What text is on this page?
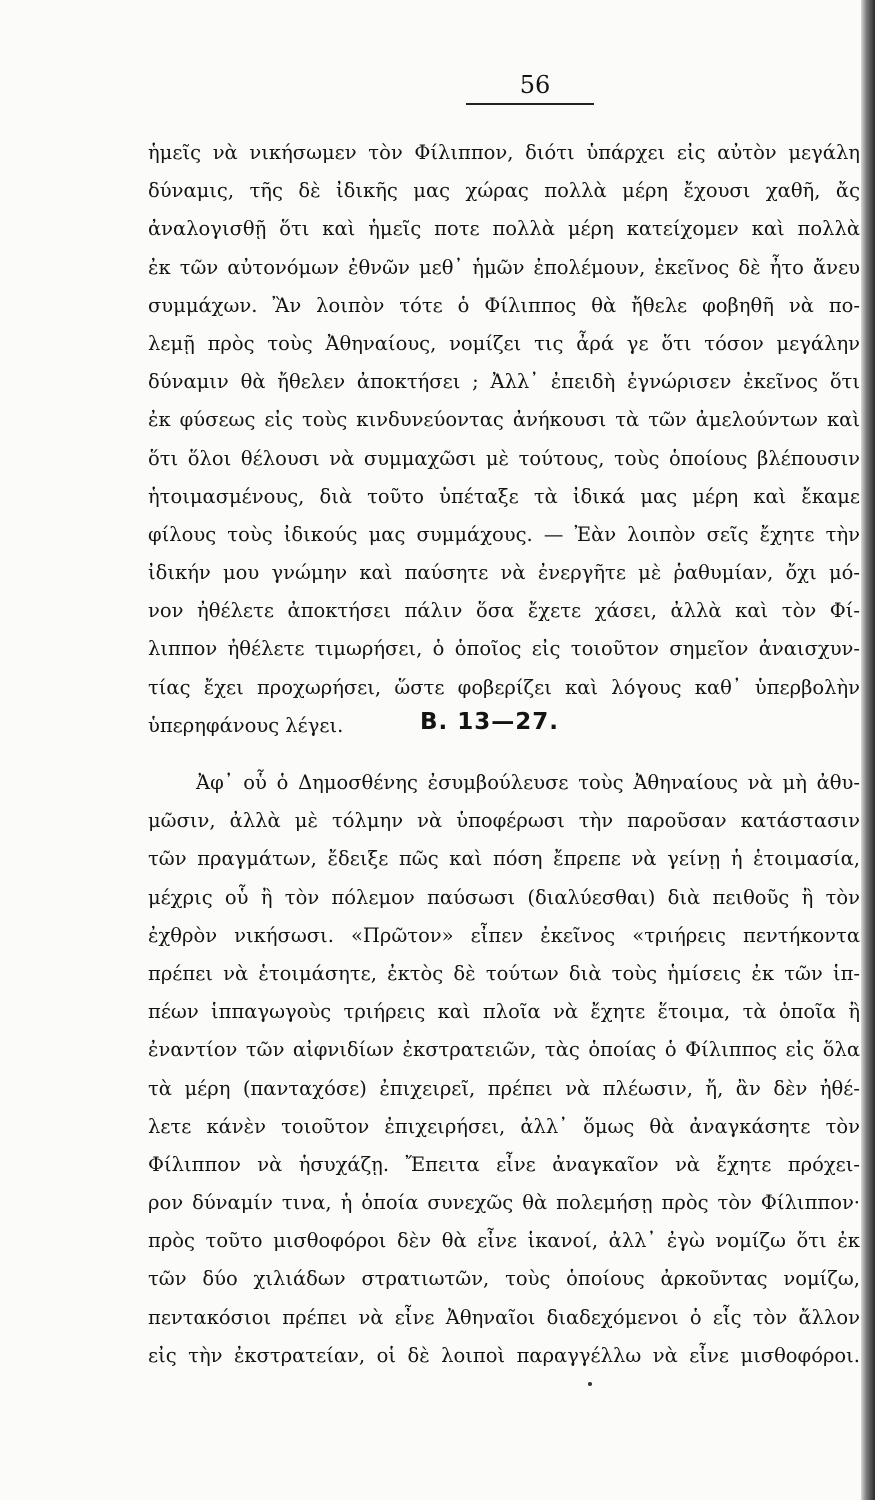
56
ἡμεῖς νὰ νικήσωμεν τὸν Φίλιππον, διότι ὑπάρχει εἰς αὐτὸν μεγάλη
δύναμις, τῆς δὲ ἰδικῆς μας χώρας πολλὰ μέρη ἔχουσι χαθῆ, ἄς
ἀναλογισθῇ ὅτι καὶ ἡμεῖς ποτε πολλὰ μέρη κατείχομεν καὶ πολλὰ
ἐκ τῶν αὐτονόμων ἐθνῶν μεθ᾽ ἡμῶν ἐπολέμουν, ἐκεῖνος δὲ ἦτο ἄνευ
συμμάχων. Ἂν λοιπὸν τότε ὁ Φίλιππος θὰ ἤθελε φοβηθῆ νὰ πο-
λεμῇ πρὸς τοὺς Ἀθηναίους, νομίζει τις ἆρά γε ὅτι τόσον μεγάλην
δύναμιν θὰ ἤθελεν ἀποκτήσει ; Ἀλλ᾽ ἐπειδὴ ἐγνώρισεν ἐκεῖνος ὅτι
ἐκ φύσεως εἰς τοὺς κινδυνεύοντας ἀνήκουσι τὰ τῶν ἀμελούντων καὶ
ὅτι ὅλοι θέλουσι νὰ συμμαχῶσι μὲ τούτους, τοὺς ὁποίους βλέπουσιν
ἡτοιμασμένους, διὰ τοῦτο ὑπέταξε τὰ ἰδικά μας μέρη καὶ ἔκαμε
φίλους τοὺς ἰδικούς μας συμμάχους. — Ἐὰν λοιπὸν σεῖς ἔχητε τὴν
ἰδικήν μου γνώμην καὶ παύσητε νὰ ἐνεργῆτε μὲ ῥαθυμίαν, ὄχι μό-
νον ἠθέλετε ἀποκτήσει πάλιν ὅσα ἔχετε χάσει, ἀλλὰ καὶ τὸν Φί-
λιππον ἠθέλετε τιμωρήσει, ὁ ὁποῖος εἰς τοιοῦτον σημεῖον ἀναισχυν-
τίας ἔχει προχωρήσει, ὥστε φοβερίζει καὶ λόγους καθ᾽ ὑπερβολὴν
ὑπερηφάνους λέγει.	Β. 13—27.
Ἀφ᾽ οὗ ὁ Δημοσθένης ἐσυμβούλευσε τοὺς Ἀθηναίους νὰ μὴ ἀθυ-
μῶσιν, ἀλλὰ μὲ τόλμην νὰ ὑποφέρωσι τὴν παροῦσαν κατάστασιν
τῶν πραγμάτων, ἔδειξε πῶς καὶ πόση ἔπρεπε νὰ γείνῃ ἡ ἑτοιμασία,
μέχρις οὗ ἢ τὸν πόλεμον παύσωσι (διαλύεσθαι) διὰ πειθοῦς ἢ τὸν
ἐχθρὸν νικήσωσι. «Πρῶτον» εἶπεν ἐκεῖνος «τριήρεις πεντήκοντα
πρέπει νὰ ἑτοιμάσητε, ἐκτὸς δὲ τούτων διὰ τοὺς ἡμίσεις ἐκ τῶν ἱπ-
πέων ἱππαγωγοὺς τριήρεις καὶ πλοῖα νὰ ἔχητε ἕτοιμα, τὰ ὁποῖα ἢ
ἐναντίον τῶν αἰφνιδίων ἐκστρατειῶν, τὰς ὁποίας ὁ Φίλιππος εἰς ὅλα
τὰ μέρη (πανταχόσε) ἐπιχειρεῖ, πρέπει νὰ πλέωσιν, ἤ, ἂν δὲν ἠθέ-
λετε κάνὲν τοιοῦτον ἐπιχειρήσει, ἀλλ᾽ ὅμως θὰ ἀναγκάσητε τὸν
Φίλιππον νὰ ἡσυχάζῃ. Ἔπειτα εἶνε ἀναγκαῖον νὰ ἔχητε πρόχει-
ρον δύναμίν τινα, ἡ ὁποία συνεχῶς θὰ πολεμήσῃ πρὸς τὸν Φίλιππον·
πρὸς τοῦτο μισθοφόροι δὲν θὰ εἶνε ἱκανοί, ἀλλ᾽ ἐγὼ νομίζω ὅτι ἐκ
τῶν δύο χιλιάδων στρατιωτῶν, τοὺς ὁποίους ἀρκοῦντας νομίζω,
πεντακόσιοι πρέπει νὰ εἶνε Ἀθηναῖοι διαδεχόμενοι ὁ εἷς τὸν ἄλλον
εἰς τὴν ἐκστρατείαν, οἱ δὲ λοιποὶ παραγγέλλω νὰ εἶνε μισθοφόροι.
